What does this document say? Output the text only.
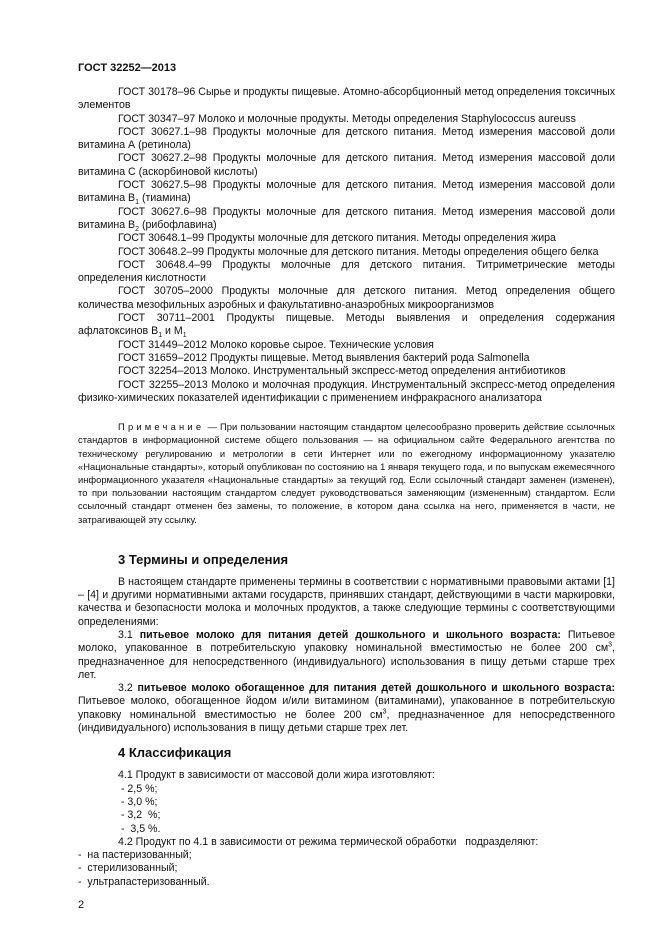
ГОСТ 32252—2013

ГОСТ 30178–96 Сырье и продукты пищевые. Атомно-абсорбционный метод определения токсичных элементов

ГОСТ 30347–97 Молоко и молочные продукты. Методы определения Staphylococcus aureuss

ГОСТ 30627.1–98 Продукты молочные для детского питания. Метод измерения массовой доли витамина А (ретинола)

ГОСТ 30627.2–98 Продукты молочные для детского питания. Метод измерения массовой доли витамина С (аскорбиновой кислоты)

ГОСТ 30627.5–98 Продукты молочные для детского питания. Метод измерения массовой доли витамина $В_1$ (тиамина)

ГОСТ 30627.6–98 Продукты молочные для детского питания. Метод измерения массовой доли витамина $В_2$ (рибофлавина)

ГОСТ 30648.1–99 Продукты молочные для детского питания. Методы определения жира

ГОСТ 30648.2–99 Продукты молочные для детского питания. Методы определения общего белка

ГОСТ 30648.4–99 Продукты молочные для детского питания. Титриметрические методы определения кислотности

ГОСТ 30705–2000 Продукты молочные для детского питания. Метод определения общего количества мезофильных аэробных и факультативно-анаэробных микроорганизмов

ГОСТ 30711–2001 Продукты пищевые. Методы выявления и определения содержания афлатоксинов $В_1$ и $М_1$

ГОСТ 31449–2012 Молоко коровье сырое. Технические условия

ГОСТ 31659–2012 Продукты пищевые. Метод выявления бактерий рода Salmonella

ГОСТ 32254–2013 Молоко. Инструментальный экспресс-метод определения антибиотиков

ГОСТ 32255–2013 Молоко и молочная продукция. Инструментальный экспресс-метод определения физико-химических показателей идентификации с применением инфракрасного анализатора

Примечание — При пользовании настоящим стандартом целесообразно проверить действие ссылочных стандартов в информационной системе общего пользования — на официальном сайте Федерального агентства по техническому регулированию и метрологии в сети Интернет или по ежегодному информационному указателю «Национальные стандарты», который опубликован по состоянию на 1 января текущего года, и по выпускам ежемесячного информационного указателя «Национальные стандарты» за текущий год. Если ссылочный стандарт заменен (изменен), то при пользовании настоящим стандартом следует руководствоваться заменяющим (измененным) стандартом. Если ссылочный стандарт отменен без замены, то положение, в котором дана ссылка на него, применяется в части, не затрагивающей эту ссылку.

3 Термины и определения

В настоящем стандарте применены термины в соответствии с нормативными правовыми актами [1] – [4] и другими нормативными актами государств, принявших стандарт, действующими в части маркировки, качества и безопасности молока и молочных продуктов, а также следующие термины с соответствующими определениями:

3.1 питьевое молоко для питания детей дошкольного и школьного возраста: Питьевое молоко, упакованное в потребительскую упаковку номинальной вместимостью не более 200 $см^3$, предназначенное для непосредственного (индивидуального) использования в пищу детьми старше трех лет.

3.2 питьевое молоко обогащенное для питания детей дошкольного и школьного возраста: Питьевое молоко, обогащенное йодом и/или витамином (витаминами), упакованное в потребительскую упаковку номинальной вместимостью не более 200 $см^3$, предназначенное для непосредственного (индивидуального) использования в пищу детьми старше трех лет.

4 Классификация

4.1 Продукт в зависимости от массовой доли жира изготовляют:

- 2,5 %;

- 3,0 %;

- 3,2  %;

-  3,5 %.

4.2 Продукт по 4.1 в зависимости от режима термической обработки   подразделяют:

-  на пастеризованный;

-  стерилизованный;

-  ультрапастеризованный.

2
